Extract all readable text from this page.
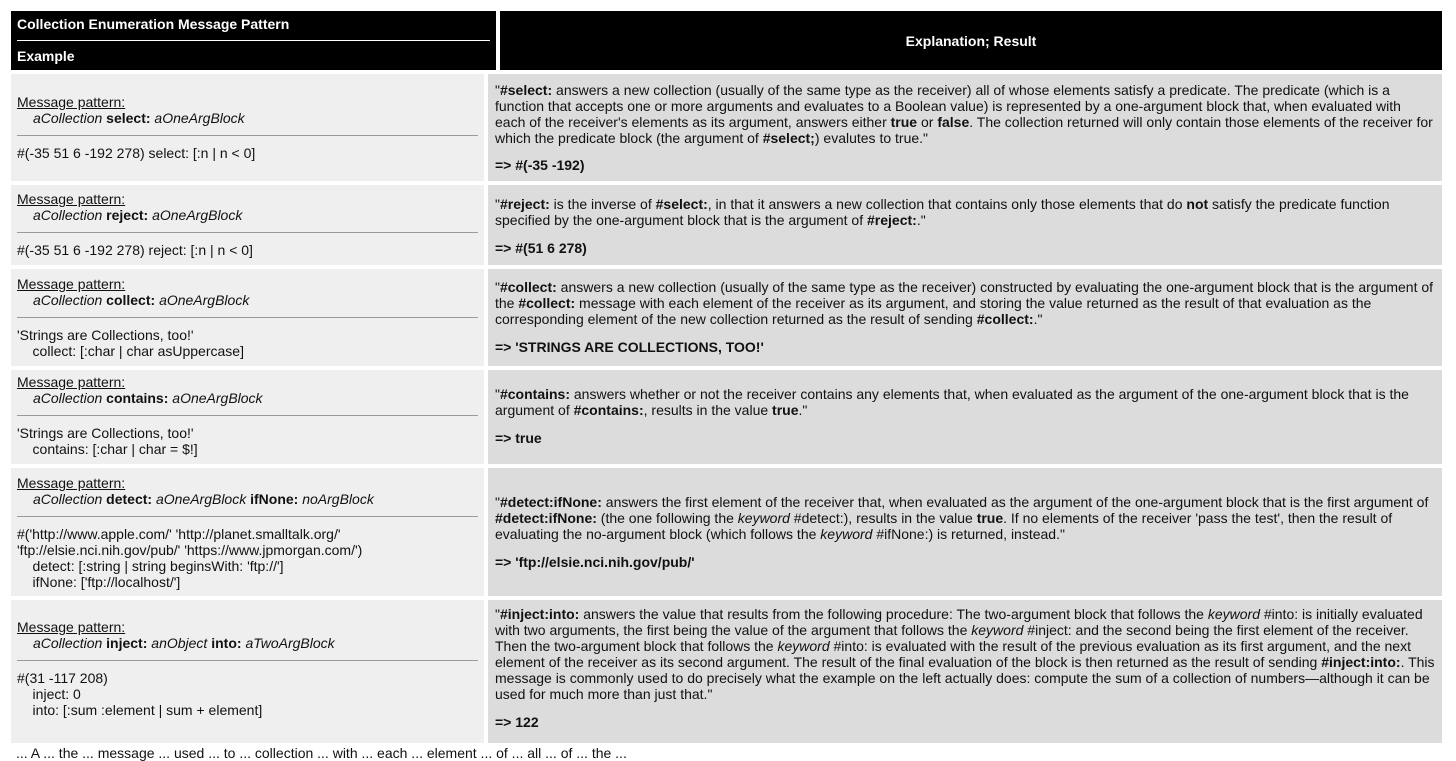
Collection Enumeration Message Pattern
Example
Explanation; Result
Message pattern:
aCollection select: aOneArgBlock
#(-35 51 6 -192 278) select: [:n | n < 0]
"#select: answers a new collection (usually of the same type as the receiver) all of whose elements satisfy a predicate. The predicate (which is a function that accepts one or more arguments and evaluates to a Boolean value) is represented by a one-argument block that, when evaluated with each of the receiver's elements as its argument, answers either true or false. The collection returned will only contain those elements of the receiver for which the predicate block (the argument of #select;) evalutes to true."
=> #(-35 -192)
Message pattern:
aCollection reject: aOneArgBlock
#(-35 51 6 -192 278) reject: [:n | n < 0]
"#reject: is the inverse of #select:, in that it answers a new collection that contains only those elements that do not satisfy the predicate function specified by the one-argument block that is the argument of #reject:."
=> #(51 6 278)
Message pattern:
aCollection collect: aOneArgBlock
'Strings are Collections, too!'
collect: [:char | char asUppercase]
"#collect: answers a new collection (usually of the same type as the receiver) constructed by evaluating the one-argument block that is the argument of the #collect: message with each element of the receiver as its argument, and storing the value returned as the result of that evaluation as the corresponding element of the new collection returned as the result of sending #collect:."
=> 'STRINGS ARE COLLECTIONS, TOO!'
Message pattern:
aCollection contains: aOneArgBlock
'Strings are Collections, too!'
contains: [:char | char = $!]
"#contains: answers whether or not the receiver contains any elements that, when evaluated as the argument of the one-argument block that is the argument of #contains:, results in the value true."
=> true
Message pattern:
aCollection detect: aOneArgBlock ifNone: noArgBlock
#('http://www.apple.com/' 'http://planet.smalltalk.org/'
'ftp://elsie.nci.nih.gov/pub/' 'https://www.jpmorgan.com/')
detect: [:string | string beginsWith: 'ftp://']
ifNone: ['ftp://localhost/']
"#detect:ifNone: answers the first element of the receiver that, when evaluated as the argument of the one-argument block that is the first argument of #detect:ifNone: (the one following the keyword #detect:), results in the value true. If no elements of the receiver 'pass the test', then the result of evaluating the no-argument block (which follows the keyword #ifNone:) is returned, instead."
=> 'ftp://elsie.nci.nih.gov/pub/'
Message pattern:
aCollection inject: anObject into: aTwoArgBlock
#(31 -117 208)
inject: 0
into: [:sum :element | sum + element]
"#inject:into: answers the value that results from the following procedure: The two-argument block that follows the keyword #into: is initially evaluated with two arguments, the first being the value of the argument that follows the keyword #inject: and the second being the first element of the receiver. Then the two-argument block that follows the keyword #into: is evaluated with the result of the previous evaluation as its first argument, and the next element of the receiver as its second argument. The result of the final evaluation of the block is then returned as the result of sending #inject:into:. This message is commonly used to do precisely what the example on the left actually does: compute the sum of a collection of numbers—although it can be used for much more than just that."
=> 122
... A ... the ... message ... used ... to ... collection ... with ... each ... element ... of ... all ... of ... the ...
